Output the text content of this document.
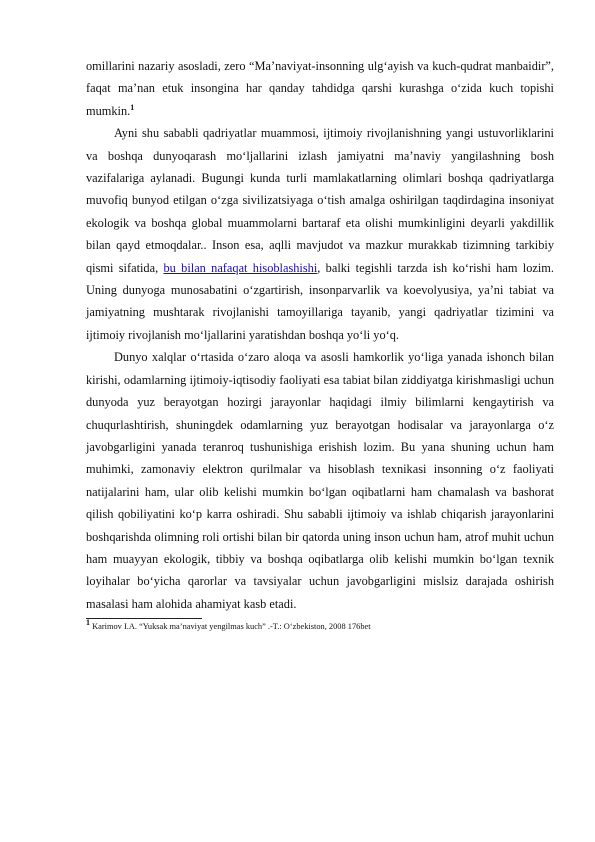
omillarini nazariy asosladi, zero “Ma’naviyat-insonning ulg‘ayish va kuch-qudrat manbaidir”, faqat ma’nan etuk insongina har qanday tahdidga qarshi kurashga o‘zida kuch topishi mumkin.$^1$

Ayni shu sababli qadriyatlar muammosi, ijtimoiy rivojlanishning yangi ustuvorliklarini va boshqa dunyoqarash mo‘ljallarini izlash jamiyatni ma’naviy yangilashning bosh vazifalariga aylanadi. Bugungi kunda turli mamlakatlarning olimlari boshqa qadriyatlarga muvofiq bunyod etilgan o‘zga sivilizatsiyaga o‘tish amalga oshirilgan taqdirdagina insoniyat ekologik va boshqa global muammolarni bartaraf eta olishi mumkinligini deyarli yakdillik bilan qayd etmoqdalar.. Inson esa, aqlli mavjudot va mazkur murakkab tizimning tarkibiy qismi sifatida, bu bilan nafaqat hisoblashishi, balki tegishli tarzda ish ko‘rishi ham lozim. Uning dunyoga munosabatini o‘zgartirish, insonparvarlik va koevolyusiya, ya’ni tabiat va jamiyatning mushtarak rivojlanishi tamoyillariga tayanib, yangi qadriyatlar tizimini va ijtimoiy rivojlanish mo‘ljallarini yaratishdan boshqa yo‘li yo‘q.

Dunyo xalqlar o‘rtasida o‘zaro aloqa va asosli hamkorlik yo‘liga yanada ishonch bilan kirishi, odamlarning ijtimoiy-iqtisodiy faoliyati esa tabiat bilan ziddiyatga kirishmasligi uchun dunyoda yuz berayotgan hozirgi jarayonlar haqidagi ilmiy bilimlarni kengaytirish va chuqurlashtirish, shuningdek odamlarning yuz berayotgan hodisalar va jarayonlarga o‘z javobgarligini yanada teranroq tushunishiga erishish lozim. Bu yana shuning uchun ham muhimki, zamonaviy elektron qurilmalar va hisoblash texnikasi insonning o‘z faoliyati natijalarini ham, ular olib kelishi mumkin bo‘lgan oqibatlarni ham chamalash va bashorat qilish qobiliyatini ko‘p karra oshiradi. Shu sababli ijtimoiy va ishlab chiqarish jarayonlarini boshqarishda olimning roli ortishi bilan bir qatorda uning inson uchun ham, atrof muhit uchun ham muayyan ekologik, tibbiy va boshqa oqibatlarga olib kelishi mumkin bo‘lgan texnik loyihalar bo‘yicha qarorlar va tavsiyalar uchun javobgarligini mislsiz darajada oshirish masalasi ham alohida ahamiyat kasb etadi.

$^1$ Karimov I.A. “Yuksak ma’naviyat yengilmas kuch” .-T.: O‘zbekiston, 2008 176bet
